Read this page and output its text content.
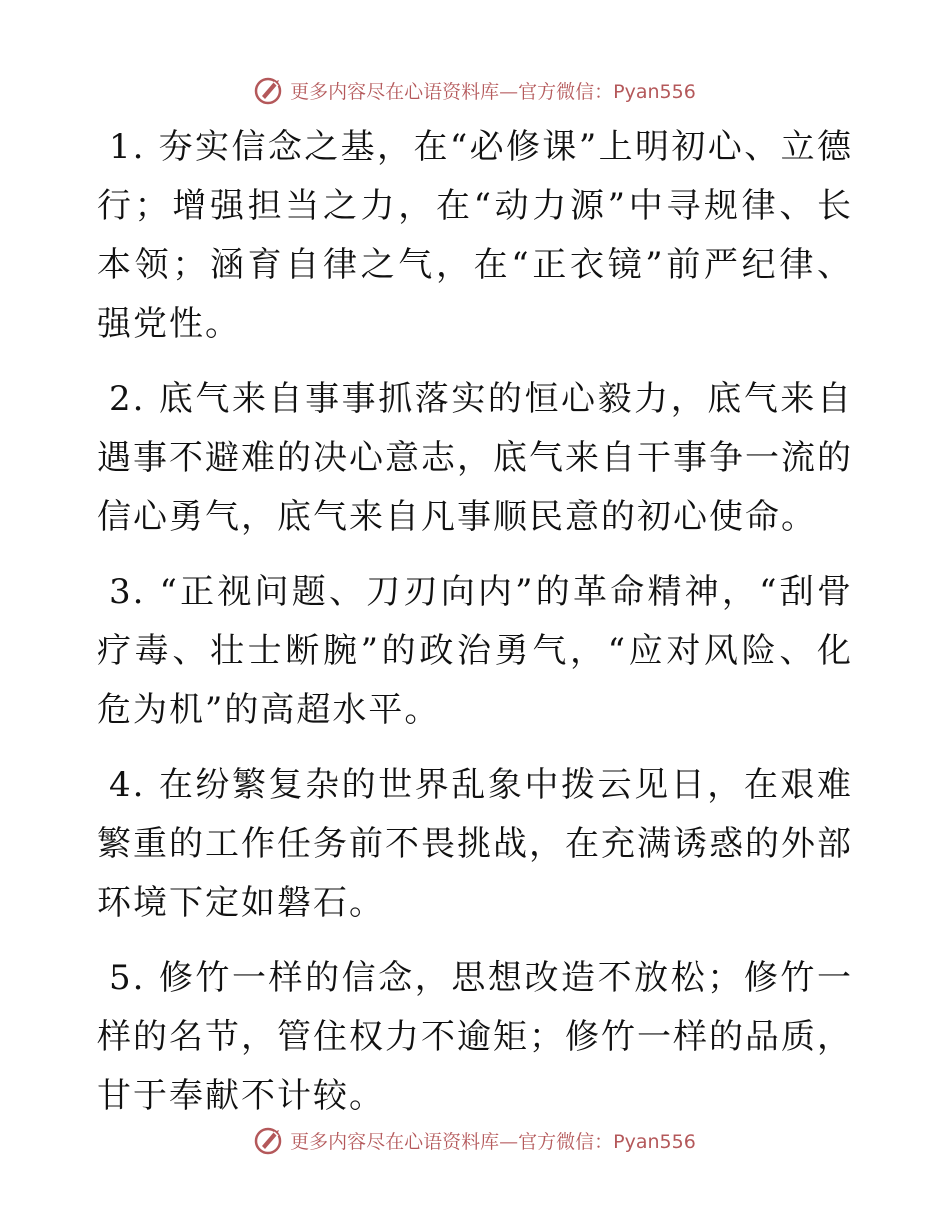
更多内容尽在心语资料库—官方微信：Pyan556

1. 夯实信念之基，在“必修课”上明初心、立德行；增强担当之力，在“动力源”中寻规律、长本领；涵育自律之气，在“正衣镜”前严纪律、强党性。

2. 底气来自事事抓落实的恒心毅力，底气来自遇事不避难的决心意志，底气来自干事争一流的信心勇气，底气来自凡事顺民意的初心使命。

3. “正视问题、刀刃向内”的革命精神，“刮骨疗毒、壮士断腕”的政治勇气，“应对风险、化危为机”的高超水平。

4. 在纷繁复杂的世界乱象中拨云见日，在艰难繁重的工作任务前不畏挑战，在充满诱惑的外部环境下定如磐石。

5. 修竹一样的信念，思想改造不放松；修竹一样的名节，管住权力不逾矩；修竹一样的品质，甘于奉献不计较。

更多内容尽在心语资料库—官方微信：Pyan556
